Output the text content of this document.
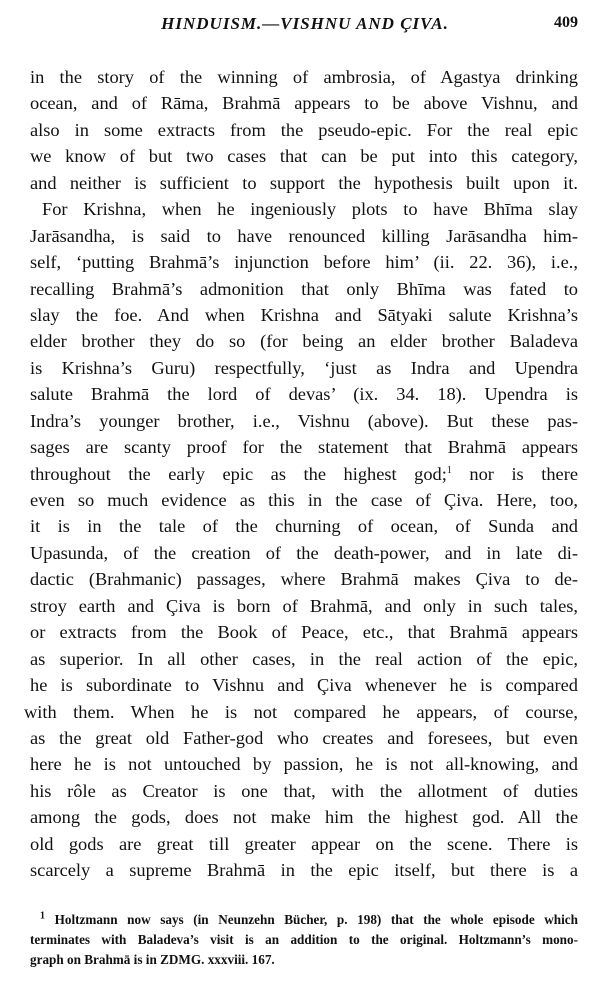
HINDUISM.—VISHNU AND ÇIVA.	409
in the story of the winning of ambrosia, of Agastya drinking
ocean, and of Rāma, Brahmā appears to be above Vishnu, and
also in some extracts from the pseudo-epic. For the real epic
we know of but two cases that can be put into this category,
and neither is sufficient to support the hypothesis built upon it.
For Krishna, when he ingeniously plots to have Bhīma slay
Jarāsandha, is said to have renounced killing Jarāsandha him-
self, ‘putting Brahmā’s injunction before him’ (ii. 22. 36), i.e.,
recalling Brahmā’s admonition that only Bhīma was fated to
slay the foe. And when Krishna and Sātyaki salute Krishna’s
elder brother they do so (for being an elder brother Baladeva
is Krishna’s Guru) respectfully, ‘just as Indra and Upendra
salute Brahmā the lord of devas’ (ix. 34. 18). Upendra is
Indra’s younger brother, i.e., Vishnu (above). But these pas-
sages are scanty proof for the statement that Brahmā appears
throughout the early epic as the highest god;$^1$ nor is there
even so much evidence as this in the case of Çiva. Here, too,
it is in the tale of the churning of ocean, of Sunda and
Upasunda, of the creation of the death-power, and in late di-
dactic (Brahmanic) passages, where Brahmā makes Çiva to de-
stroy earth and Çiva is born of Brahmā, and only in such tales,
or extracts from the Book of Peace, etc., that Brahmā appears
as superior. In all other cases, in the real action of the epic,
he is subordinate to Vishnu and Çiva whenever he is compared
with them. When he is not compared he appears, of course,
as the great old Father-god who creates and foresees, but even
here he is not untouched by passion, he is not all-knowing, and
his rôle as Creator is one that, with the allotment of duties
among the gods, does not make him the highest god. All the
old gods are great till greater appear on the scene. There is
scarcely a supreme Brahmā in the epic itself, but there is a
$^1$ Holtzmann now says (in Neunzehn Bücher, p. 198) that the whole episode which
terminates with Baladeva’s visit is an addition to the original. Holtzmann’s mono-
graph on Brahmā is in ZDMG. xxxviii. 167.
